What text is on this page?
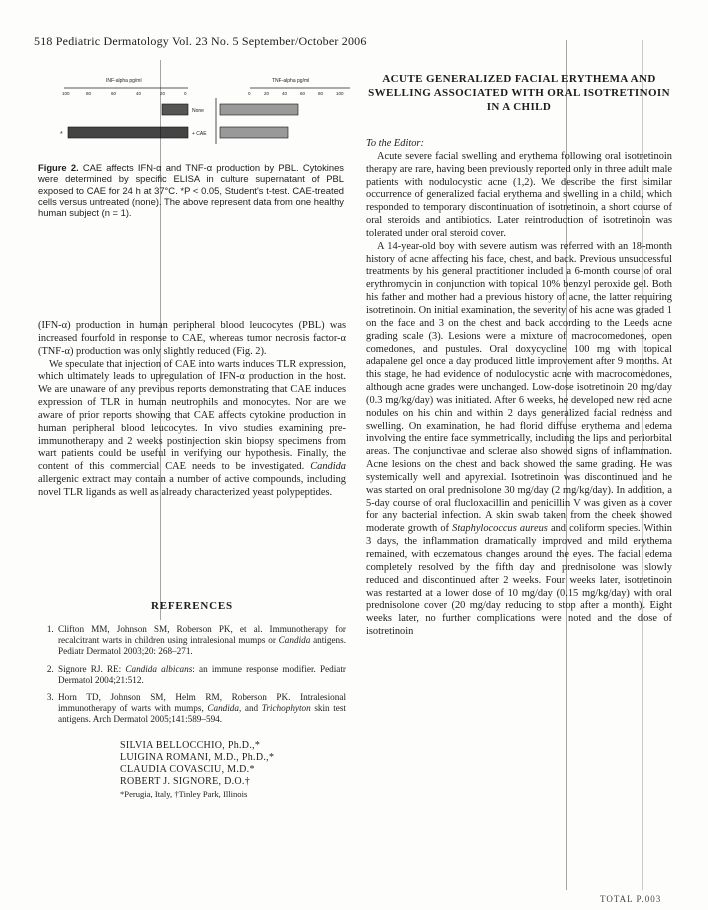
518 Pediatric Dermatology Vol. 23 No. 5 September/October 2006
INF-alpha pg/ml	TNF-alpha pg/ml
100	80	60	40	20	0	0	20	40	60	80	100
None
+ CAE
*
Figure 2. CAE affects IFN-α and TNF-α production by PBL. Cytokines were determined by specific ELISA in culture supernatant of PBL exposed to CAE for 24 h at 37°C. *P < 0.05, Student's t-test. CAE-treated cells versus untreated (none). The above represent data from one healthy human subject (n = 1).

(IFN-α) production in human peripheral blood leucocytes (PBL) was increased fourfold in response to CAE, whereas tumor necrosis factor-α (TNF-α) production was only slightly reduced (Fig. 2).

We speculate that injection of CAE into warts induces TLR expression, which ultimately leads to upregulation of IFN-α production in the host. We are unaware of any previous reports demonstrating that CAE induces expression of TLR in human neutrophils and monocytes. Nor are we aware of prior reports showing that CAE affects cytokine production in human peripheral blood leucocytes. In vivo studies examining pre-immunotherapy and 2 weeks postinjection skin biopsy specimens from wart patients could be useful in verifying our hypothesis. Finally, the content of this commercial CAE needs to be investigated. Candida allergenic extract may contain a number of active compounds, including novel TLR ligands as well as already characterized yeast polypeptides.

REFERENCES
1. Clifton MM, Johnson SM, Roberson PK, et al. Immunotherapy for recalcitrant warts in children using intralesional mumps or Candida antigens. Pediatr Dermatol 2003;20: 268–271.
2. Signore RJ. RE: Candida albicans: an immune response modifier. Pediatr Dermatol 2004;21:512.
3. Horn TD, Johnson SM, Helm RM, Roberson PK. Intralesional immunotherapy of warts with mumps, Candida, and Trichophyton skin test antigens. Arch Dermatol 2005;141:589–594.
SILVIA BELLOCCHIO, Ph.D.,*
LUIGINA ROMANI, M.D., Ph.D.,*
CLAUDIA COVASCIU, M.D.*
ROBERT J. SIGNORE, D.O.†
*Perugia, Italy, †Tinley Park, Illinois
ACUTE GENERALIZED FACIAL ERYTHEMA AND SWELLING ASSOCIATED WITH ORAL ISOTRETINOIN IN A CHILD

To the Editor:

Acute severe facial swelling and erythema following oral isotretinoin therapy are rare, having been previously reported only in three adult male patients with nodulocystic acne (1,2). We describe the first similar occurrence of generalized facial erythema and swelling in a child, which responded to temporary discontinuation of isotretinoin, a short course of oral steroids and antibiotics. Later reintroduction of isotretinoin was tolerated under oral steroid cover.

A 14-year-old boy with severe autism was referred with an 18-month history of acne affecting his face, chest, and back. Previous unsuccessful treatments by his general practitioner included a 6-month course of oral erythromycin in conjunction with topical 10% benzyl peroxide gel. Both his father and mother had a previous history of acne, the latter requiring isotretinoin. On initial examination, the severity of his acne was graded 1 on the face and 3 on the chest and back according to the Leeds acne grading scale (3). Lesions were a mixture of macrocomedones, open comedones, and pustules. Oral doxycycline 100 mg with topical adapalene gel once a day produced little improvement after 9 months. At this stage, he had evidence of nodulocystic acne with macrocomedones, although acne grades were unchanged. Low-dose isotretinoin 20 mg/day (0.3 mg/kg/day) was initiated. After 6 weeks, he developed new red acne nodules on his chin and within 2 days generalized facial redness and swelling. On examination, he had florid diffuse erythema and edema involving the entire face symmetrically, including the lips and periorbital areas. The conjunctivae and sclerae also showed signs of inflammation. Acne lesions on the chest and back showed the same grading. He was systemically well and apyrexial. Isotretinoin was discontinued and he was started on oral prednisolone 30 mg/day (2 mg/kg/day). In addition, a 5-day course of oral flucloxacillin and penicillin V was given as a cover for any bacterial infection. A skin swab taken from the cheek showed moderate growth of Staphylococcus aureus and coliform species. Within 3 days, the inflammation dramatically improved and mild erythema remained, with eczematous changes around the eyes. The facial edema completely resolved by the fifth day and prednisolone was slowly reduced and discontinued after 2 weeks. Four weeks later, isotretinoin was restarted at a lower dose of 10 mg/day (0.15 mg/kg/day) with oral prednisolone cover (20 mg/day reducing to stop after a month). Eight weeks later, no further complications were noted and the dose of isotretinoin

TOTAL P.003
